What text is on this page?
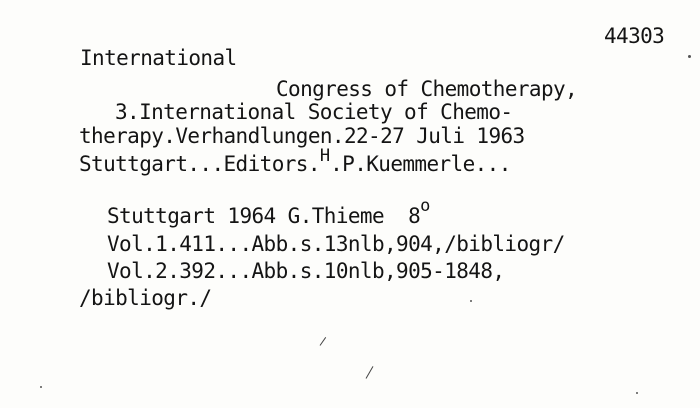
44303
International
Congress of Chemotherapy,
3.International Society of Chemo-
therapy.Verhandlungen.22-27 Juli 1963
Stuttgart...Editors.$^H$.P.Kuemmerle...
Stuttgart 1964 G.Thieme  8$^o$
Vol.1.411...Abb.s.13nlb,904,/bibliogr/
Vol.2.392...Abb.s.10nlb,905-1848,
/bibliogr./
